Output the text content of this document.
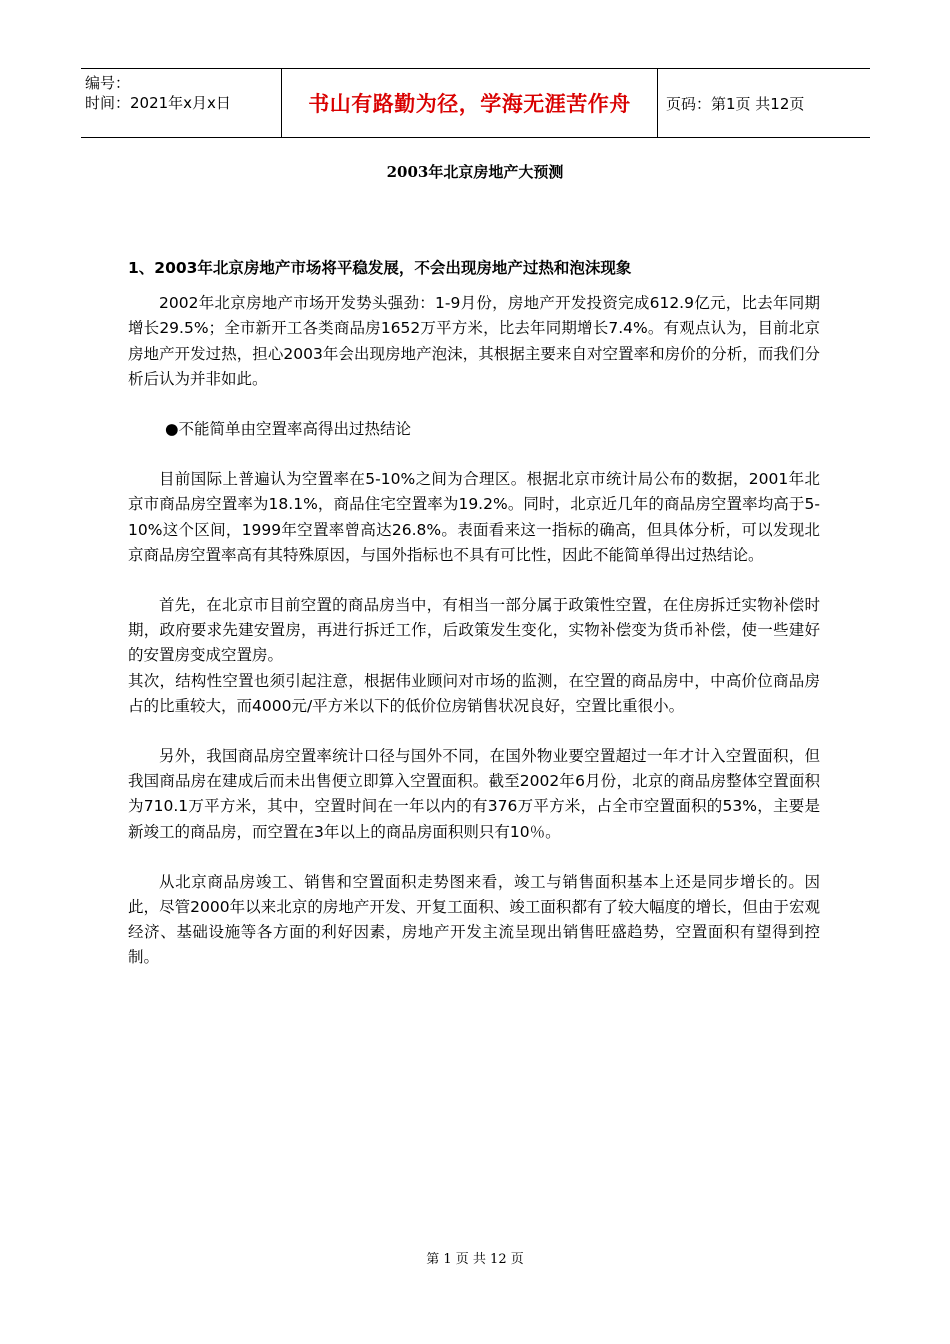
编号：
时间：2021年x月x日	书山有路勤为径，学海无涯苦作舟	页码：第1页 共12页
2003年北京房地产大预测

1、2003年北京房地产市场将平稳发展，不会出现房地产过热和泡沫现象

2002年北京房地产市场开发势头强劲：1-9月份，房地产开发投资完成612.9亿元，比去年同期增长29.5%；全市新开工各类商品房1652万平方米，比去年同期增长7.4%。有观点认为，目前北京房地产开发过热，担心2003年会出现房地产泡沫，其根据主要来自对空置率和房价的分析，而我们分析后认为并非如此。

●不能简单由空置率高得出过热结论

目前国际上普遍认为空置率在5-10%之间为合理区。根据北京市统计局公布的数据，2001年北京市商品房空置率为18.1%，商品住宅空置率为19.2%。同时，北京近几年的商品房空置率均高于5-10%这个区间，1999年空置率曾高达26.8%。表面看来这一指标的确高，但具体分析，可以发现北京商品房空置率高有其特殊原因，与国外指标也不具有可比性，因此不能简单得出过热结论。

首先，在北京市目前空置的商品房当中，有相当一部分属于政策性空置，在住房拆迁实物补偿时期，政府要求先建安置房，再进行拆迁工作，后政策发生变化，实物补偿变为货币补偿，使一些建好的安置房变成空置房。

其次，结构性空置也须引起注意，根据伟业顾问对市场的监测，在空置的商品房中，中高价位商品房占的比重较大，而4000元/平方米以下的低价位房销售状况良好，空置比重很小。

另外，我国商品房空置率统计口径与国外不同，在国外物业要空置超过一年才计入空置面积，但我国商品房在建成后而未出售便立即算入空置面积。截至2002年6月份，北京的商品房整体空置面积为710.1万平方米，其中，空置时间在一年以内的有376万平方米，占全市空置面积的53%，主要是新竣工的商品房，而空置在3年以上的商品房面积则只有10％。

从北京商品房竣工、销售和空置面积走势图来看，竣工与销售面积基本上还是同步增长的。因此，尽管2000年以来北京的房地产开发、开复工面积、竣工面积都有了较大幅度的增长，但由于宏观经济、基础设施等各方面的利好因素，房地产开发主流呈现出销售旺盛趋势，空置面积有望得到控制。

第 1 页 共 12 页
